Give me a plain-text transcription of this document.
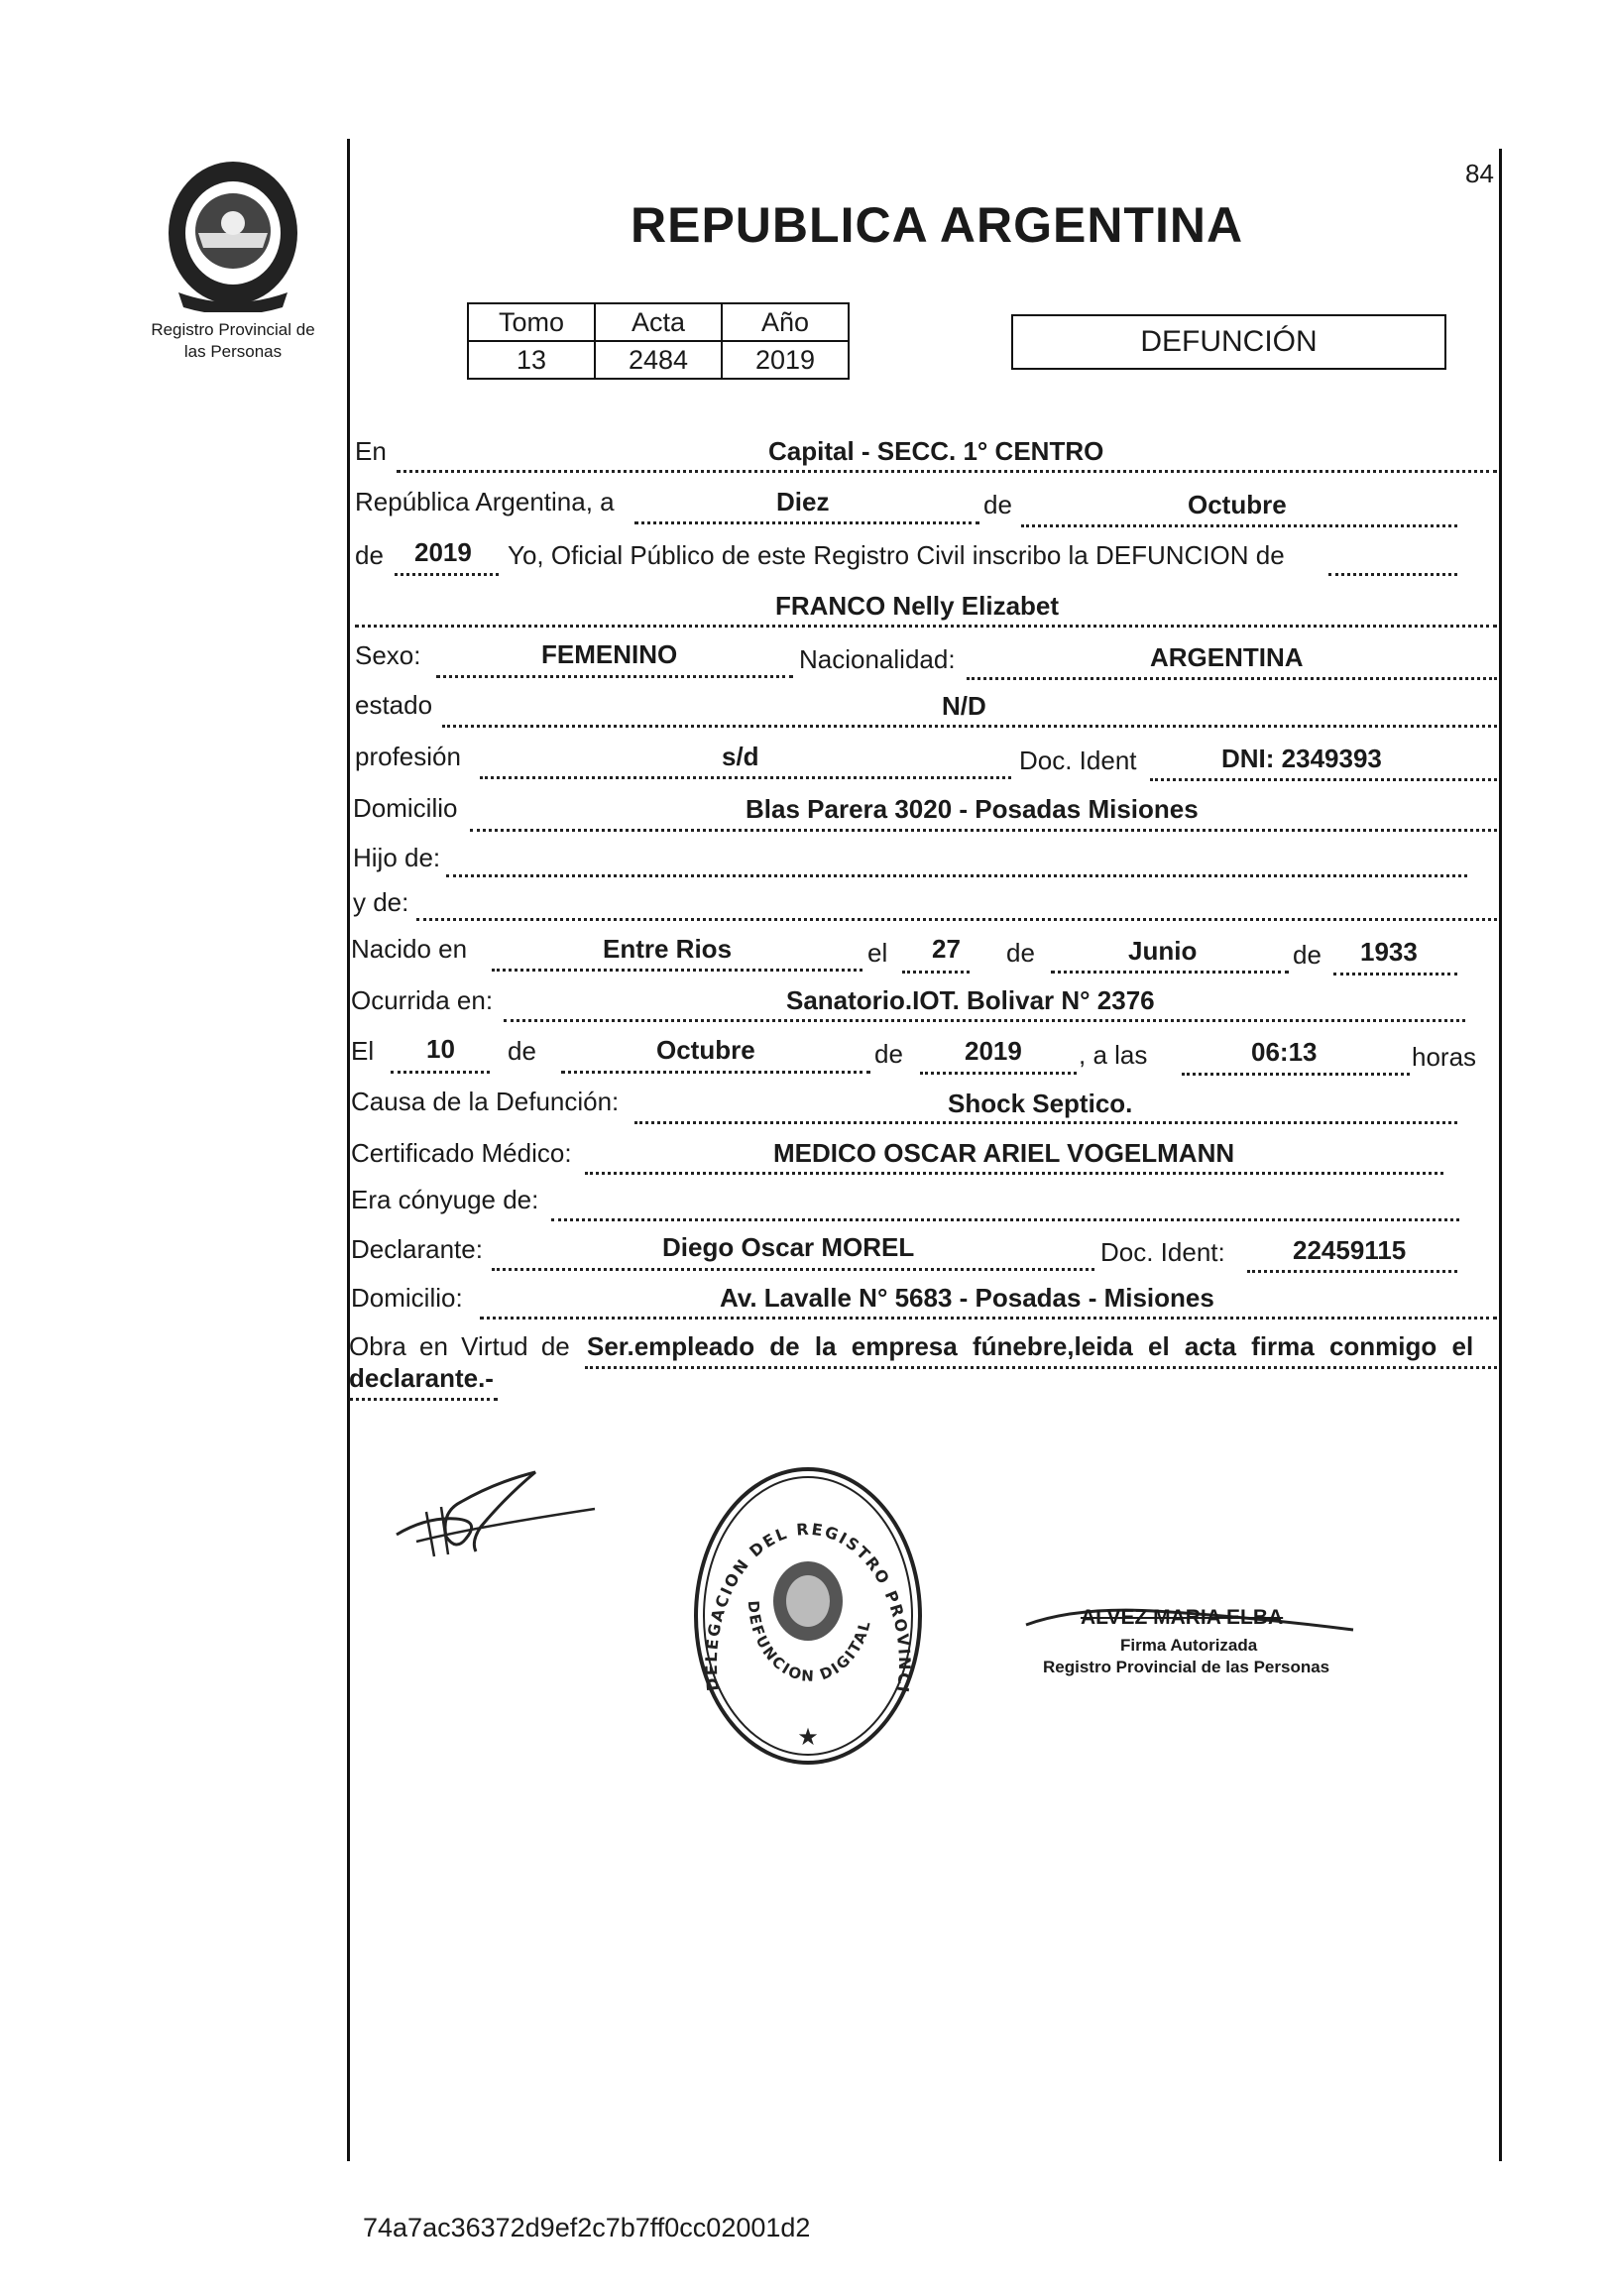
Registro Provincial de
las Personas
84
REPUBLICA ARGENTINA
Tomo	Acta	Año
13	2484	2019
DEFUNCIÓN
En	Capital - SECC. 1° CENTRO
República Argentina, a	Diez	de	Octubre
de 2019 Yo, Oficial Público de este Registro Civil inscribo la DEFUNCION de
FRANCO Nelly Elizabet
Sexo:	FEMENINO	Nacionalidad:	ARGENTINA
estado	N/D
profesión	s/d	Doc. Ident	DNI: 2349393
Domicilio	Blas Parera 3020 - Posadas Misiones
Hijo de:
y de:
Nacido en	Entre Rios	el 27 de	Junio	de 1933
Ocurrida en:	Sanatorio.IOT. Bolivar N° 2376
El 10 de	Octubre	de 2019 , a las	06:13	horas
Causa de la Defunción:	Shock Septico.
Certificado Médico:	MEDICO OSCAR ARIEL VOGELMANN
Era cónyuge de:
Declarante:	Diego Oscar MOREL	Doc. Ident:	22459115
Domicilio:	Av. Lavalle N° 5683 - Posadas - Misiones
Obra en Virtud de Ser.empleado de la empresa fúnebre,leida el acta firma conmigo el
declarante.-
DELEGACION DEL REGISTRO PROVINCI
DEFUNCION DIGITAL
★
ALVEZ MARIA ELBA
Firma Autorizada
Registro Provincial de las Personas
74a7ac36372d9ef2c7b7ff0cc02001d2
